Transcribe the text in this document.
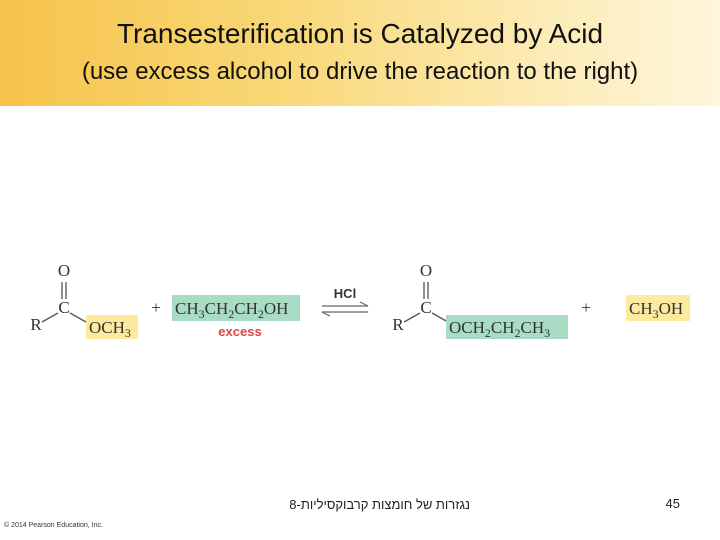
Transesterification is Catalyzed by Acid
(use excess alcohol to drive the reaction to the right)
O
C
R	$OCH_3$
+ $CH_3CH_2CH_2OH$
excess
HCl
O
C
R	$OCH_2CH_2CH_3$
+ $CH_3OH$
נגזרות של חומצות קרבוקסיליות-8	45
© 2014 Pearson Education, Inc.
